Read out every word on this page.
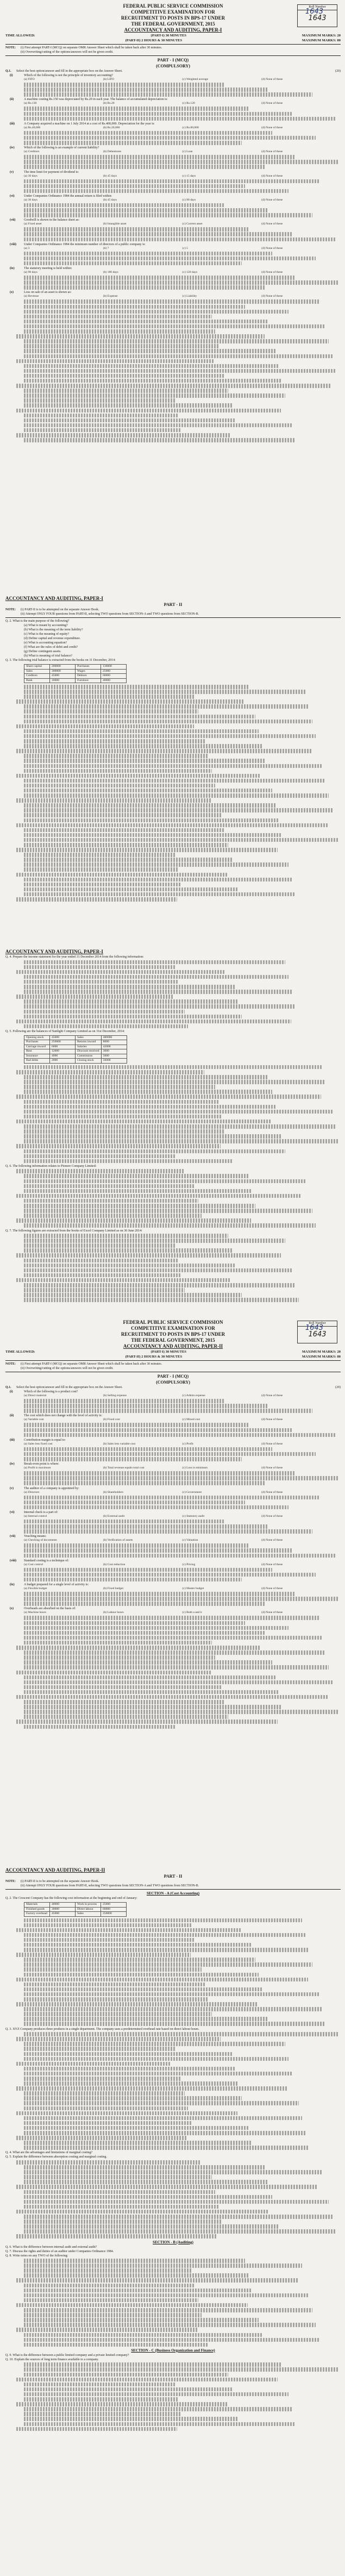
Roll Number
1643
FEDERAL PUBLIC SERVICE COMMISSION
COMPETITIVE EXAMINATION FOR
RECRUITMENT TO POSTS IN BPS-17 UNDER
THE FEDERAL GOVERNMENT, 2015
ACCOUNTANCY AND AUDITING, PAPER-I
TIME ALLOWED:	(PART-I) 30 MINUTES	MAXIMUM MARKS: 20
(PART-II) 2 HOURS & 30 MINUTES	MAXIMUM MARKS: 80
NOTE:	(i) First attempt PART-I (MCQ) on separate OMR Answer Sheet which shall be taken back after 30 minutes.
(ii) Overwriting/cutting of the options/answers will not be given credit.
PART - I (MCQ)
(COMPULSORY)
Q.1.	Select the best option/answer and fill in the appropriate box on the Answer Sheet.	(20)
(i)	Which of the following is not the principle of inventory accounting?
(a) FIFO	(b) LIFO	(c) Weighted average	(d) None of these
(ii)	A machine costing Rs.150 was depreciated by Rs.20 in each year. The balance of accumulated depreciation is:
(a) Rs.130	(b) Rs.20	(c) Rs.120	(d) None of these
(iii)	A Company acquired a machine on 1 July 2014 at a cost of Rs.400,000. Depreciation for the year is:
(a) Rs.40,000	(b) Rs.20,000	(c) Rs.80,000	(d) None of these
(iv)	Which of the following is an example of current liability?
(a) Creditors	(b) Debentures	(c) Loan	(d) None of these
(v)	The time limit for payment of dividend is:
(a) 30 days	(b) 45 days	(c) 15 days	(d) None of these
(vi)	Under Companies Ordinance 1984 the annual return is filed within:
(a) 30 days	(b) 45 days	(c) 90 days	(d) None of these
(vii)	Goodwill is shown in the balance sheet as:
(a) Fixed asset	(b) Intangible asset	(c) Current asset	(d) None of these
(viii)	Under Companies Ordinance 1984 the minimum number of directors of a public company is:
(a) 3	(b) 7	(c) 5	(d) None of these
(ix)	The statutory meeting is held within:
(a) 90 days	(b) 180 days	(c) 120 days	(d) None of these
(x)	Loss on sale of an asset is shown as:
(a) Revenue	(b) Expense	(c) Liability	(d) None of these
1643
ACCOUNTANCY AND AUDITING, PAPER-I
PART - II
NOTE:	(i) PART-II is to be attempted on the separate Answer Book.
(ii) Attempt ONLY FOUR questions from PART-II, selecting TWO questions from SECTION-A and TWO questions from SECTION-B.
Q. 2. What is the main purpose of the following?
(a) What is meant by accounting?
(b) What is the meaning of the term liability?
(c) What is the meaning of equity?
(d) Define capital and revenue expenditure.
(e) What is accounting equation?
(f) What are the rules of debit and credit?
(g) Define contingent assets.
(h) What is meaning of trial balance?
Q. 3. The following trial balance is extracted from the books on 31 December, 2014:
Share capital	200000	Purchases	130000
Sales	300000	Wages	25000
Creditors	45000	Debtors	60000
Bank	18000	Furniture	40000
ACCOUNTANCY AND AUDITING, PAPER-I
Q. 4. Prepare the income statement for the year ended 31 December 2014 from the following information:
Q. 5. Following are the balances of Sunlight Company Limited as on 31st December, 2014:
Opening stock	45000	Sales	480000
Purchases	250000	Returns inward	8000
Carriage inward	6000	Salaries	42000
Rent	12000	Discount received	3000
Insurance	4000	Commission	5000
Bad debts	2000	Closing stock	56000
Q. 6. The following information relates to Pioneer Company Limited:
Q. 7. The following figures are extracted from the books of Excel Company Limited as on 30 June 2014:
Roll Number
1643
FEDERAL PUBLIC SERVICE COMMISSION
COMPETITIVE EXAMINATION FOR
RECRUITMENT TO POSTS IN BPS-17 UNDER
THE FEDERAL GOVERNMENT, 2015
ACCOUNTANCY AND AUDITING, PAPER-II
TIME ALLOWED:	(PART-I) 30 MINUTES	MAXIMUM MARKS: 20
(PART-II) 2 HOURS & 30 MINUTES	MAXIMUM MARKS: 80
NOTE:	(i) First attempt PART-I (MCQ) on separate OMR Answer Sheet which shall be taken back after 30 minutes.
(ii) Overwriting/cutting of the options/answers will not be given credit.
PART - I (MCQ)
(COMPULSORY)
Q.1.	Select the best option/answer and fill in the appropriate box on the Answer Sheet.	(20)
(i)	Which of the following is a product cost?
(a) Direct material	(b) Selling expense	(c) Admin expense	(d) None of these
(ii)	The cost which does not change with the level of activity is:
(a) Variable cost	(b) Fixed cost	(c) Mixed cost	(d) None of these
(iii)	Contribution margin is equal to:
(a) Sales less fixed cost	(b) Sales less variable cost	(c) Profit	(d) None of these
(iv)	Break-even point is where:
(a) Profit is maximum	(b) Total revenue equals total cost	(c) Loss is minimum	(d) None of these
(v)	The auditor of a company is appointed by:
(a) Directors	(b) Shareholders	(c) Government	(d) None of these
(vi)	Internal check is a part of:
(a) Internal control	(b) External audit	(c) Statutory audit	(d) None of these
(vii)	Vouching means:
(a) Checking of documents	(b) Verification of assets	(c) Valuation	(d) None of these
(viii)	Standard costing is a technique of:
(a) Cost control	(b) Cost reduction	(c) Pricing	(d) None of these
(ix)	A budget prepared for a single level of activity is:
(a) Flexible budget	(b) Fixed budget	(c) Master budget	(d) None of these
(x)	Overheads are absorbed on the basis of:
(a) Machine hours	(b) Labour hours	(c) Both a and b	(d) None of these
1643
ACCOUNTANCY AND AUDITING, PAPER-II
PART - II
NOTE:	(i) PART-II is to be attempted on the separate Answer Book.
(ii) Attempt ONLY FOUR questions from PART-II, selecting TWO questions from SECTION-A and TWO questions from SECTION-B.
SECTION - A (Cost Accounting)
Q. 2. The Crescent Company has the following cost information at the beginning and end of January:
Materials	40000	Work in process	25000
Finished goods	30000	Direct labour	60000
Factory overhead	45000	Sales	250000
Q. 3. XYZ Company produces three products in a single department. The company uses a predetermined overhead rate based on direct labour hours.
Q. 4. What are the advantages and limitations of marginal costing?
Q. 5. Explain the difference between absorption costing and marginal costing.
SECTION - B (Auditing)
Q. 6. What is the difference between internal audit and external audit?
Q. 7. Discuss the rights and duties of an auditor under Companies Ordinance 1984.
Q. 8. Write notes on any TWO of the following:
SECTION - C (Business Organization and Finance)
Q. 9. What is the difference between a public limited company and a private limited company?
Q. 10. Explain the sources of long term finance available to a company.
